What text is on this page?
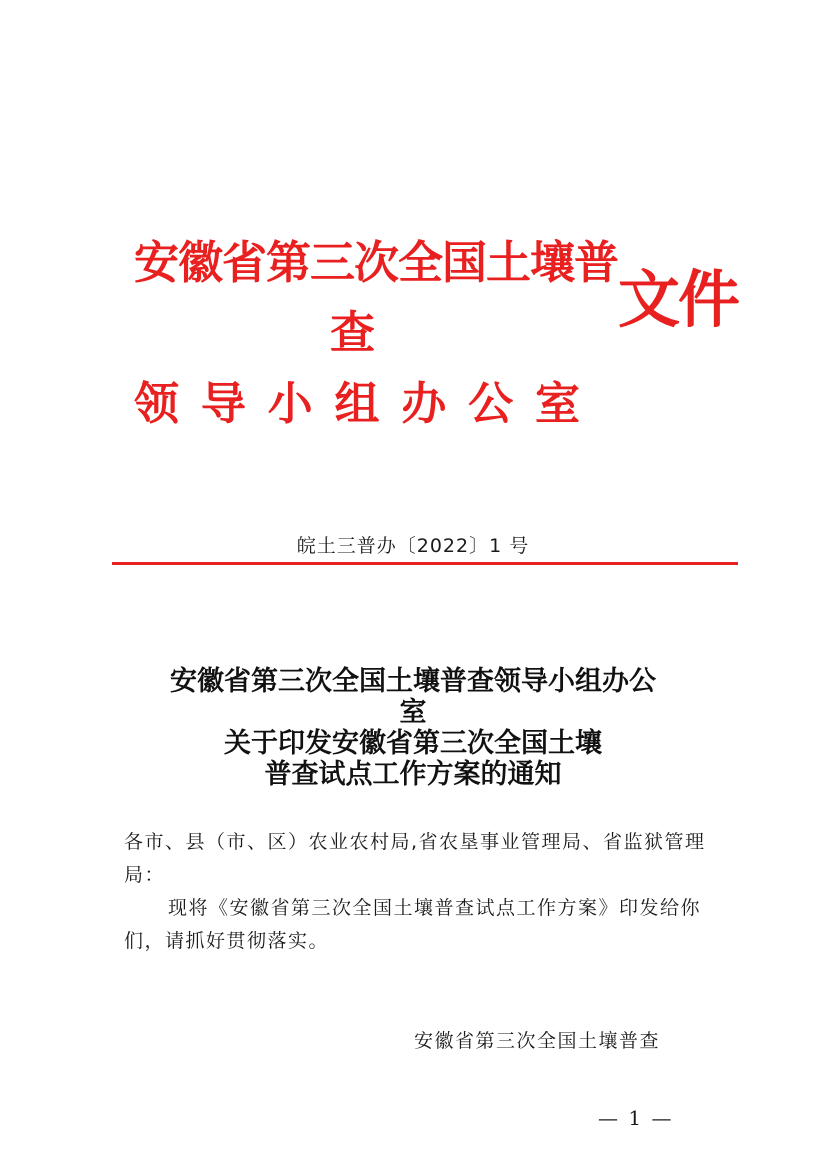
安徽省第三次全国土壤普
查
领 导 小 组 办 公 室
文件
皖土三普办〔2022〕1 号
安徽省第三次全国土壤普查领导小组办公
室
关于印发安徽省第三次全国土壤
普查试点工作方案的通知
各市、县（市、区）农业农村局,省农垦事业管理局、省监狱管理局：
现将《安徽省第三次全国土壤普查试点工作方案》印发给你们，请抓好贯彻落实。
安徽省第三次全国土壤普查
— 1 —
